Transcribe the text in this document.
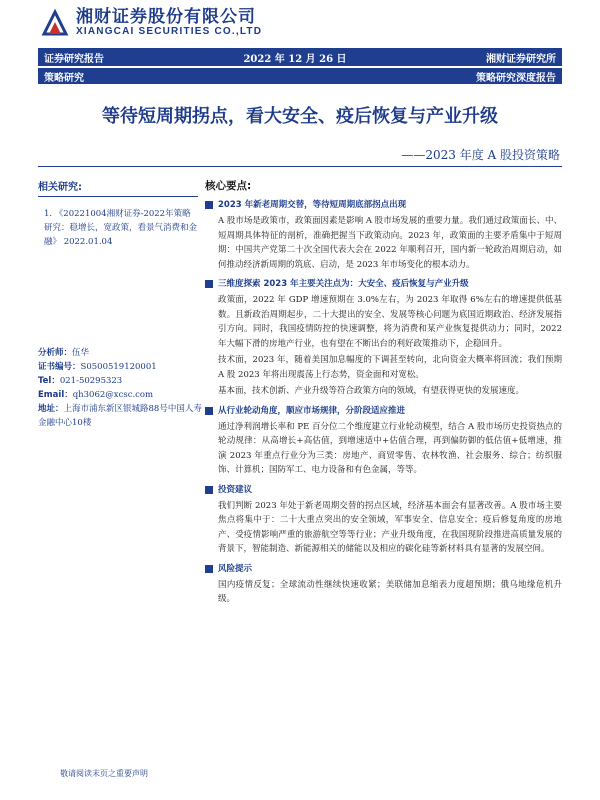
湘财证券股份有限公司
XIANGCAI SECURITIES CO.,LTD
证券研究报告	2022 年 12 月 26 日	湘财证券研究所
策略研究	策略研究深度报告
等待短周期拐点，看大安全、疫后恢复与产业升级
——2023 年度 A 股投资策略
相关研究:
1. 《20221004湘财证券-2022年策略研究：稳增长，宽政策，看景气消费和金融》 2022.01.04
分析师：伍华
证书编号：S0500519120001
Tel：021-50295323
Email：qh3062@xcsc.com
地址：上海市浦东新区银城路88号中国人寿金融中心10楼
核心要点:
2023 年新老周期交替，等待短周期底部拐点出现

A 股市场是政策市，政策面因素是影响 A 股市场发展的重要力量。我们通过政策面长、中、短周期具体特征的剖析，准确把握当下政策动向。2023 年，政策面的主要矛盾集中于短周期：中国共产党第二十次全国代表大会在 2022 年顺利召开，国内新一轮政治周期启动，如何推动经济新周期的筑底、启动，是 2023 年市场变化的根本动力。

三维度探索 2023 年主要关注点为：大安全、疫后恢复与产业升级

政策面，2022 年 GDP 增速预期在 3.0%左右，为 2023 年取得 6%左右的增速提供低基数。且新政治周期起步，二十大提出的安全、发展等核心问题为底国近期政治、经济发展指引方向。同时，我国疫情防控的快速调整，将为消费和某产业恢复提供动力；同时，2022 年大幅下滑的房地产行业，也有望在不断出台的利好政策推动下，企稳回升。

技术面，2023 年，随着美国加息幅度的下调甚至转向，北向资金大概率将回流；我们预期 A 股 2023 年将出现震荡上行态势，资金面和对宽松。

基本面，技术创新、产业升级等符合政策方向的领域，有望获得更快的发展速度。

从行业轮动角度，顺应市场规律，分阶段适应推进

通过净利润增长率和 PE 百分位二个维度建立行业轮动模型，结合 A 股市场历史投资热点的轮动规律：从高增长+高估值，到增速适中+估值合理，再到偏防御的低估值+低增速，推演 2023 年重点行业分为三类：房地产、商贸零售、农林牧渔、社会服务、综合；纺织服饰、计算机；国防军工、电力设备和有色金属，等等。

投资建议

我们判断 2023 年处于新老周期交替的拐点区域，经济基本面会有显著改善。A 股市场主要焦点将集中于：二十大重点突出的安全领域，军事安全、信息安全；疫后修复角度的房地产、受疫情影响严重的旅游航空等等行业；产业升级角度，在我国现阶段推进高质量发展的背景下，智能制造、新能源相关的储能以及相应的碳化硅等新材料具有显著的发展空间。

风险提示

国内疫情反复；全球流动性继续快速收紧；美联储加息缩表力度超预期；俄乌地缘危机升级。

敬请阅读末页之重要声明
